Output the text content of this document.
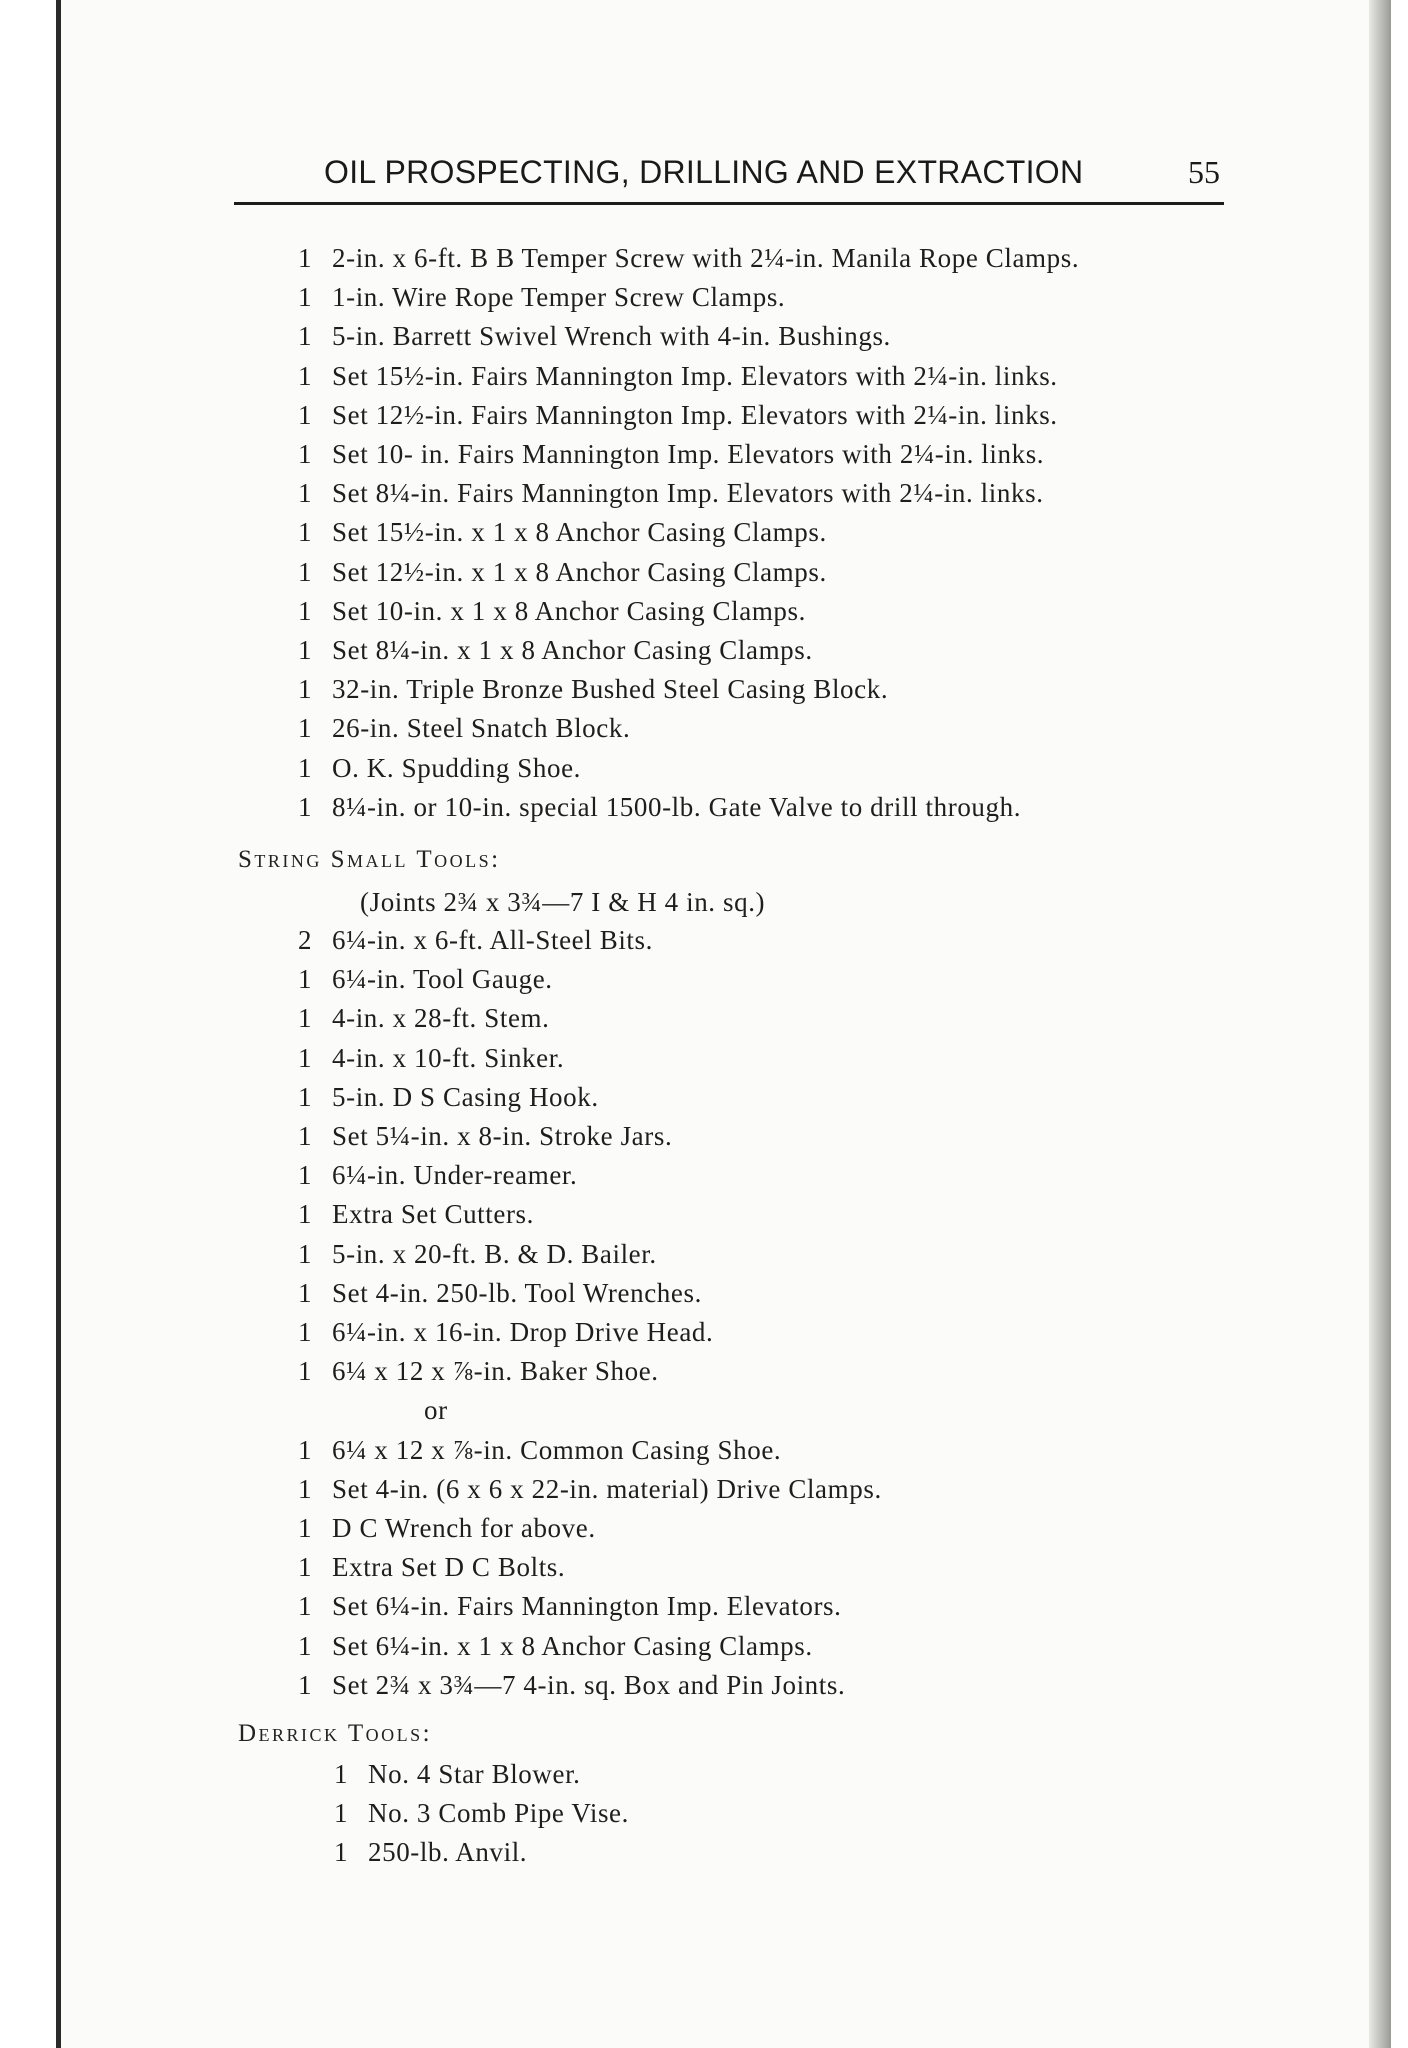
OIL PROSPECTING, DRILLING AND EXTRACTION	55
1 2-in. x 6-ft. B B Temper Screw with 2¼-in. Manila Rope Clamps.
1 1-in. Wire Rope Temper Screw Clamps.
1 5-in. Barrett Swivel Wrench with 4-in. Bushings.
1 Set 15½-in. Fairs Mannington Imp. Elevators with 2¼-in. links.
1 Set 12½-in. Fairs Mannington Imp. Elevators with 2¼-in. links.
1 Set 10- in. Fairs Mannington Imp. Elevators with 2¼-in. links.
1 Set 8¼-in. Fairs Mannington Imp. Elevators with 2¼-in. links.
1 Set 15½-in. x 1 x 8 Anchor Casing Clamps.
1 Set 12½-in. x 1 x 8 Anchor Casing Clamps.
1 Set 10-in. x 1 x 8 Anchor Casing Clamps.
1 Set 8¼-in. x 1 x 8 Anchor Casing Clamps.
1 32-in. Triple Bronze Bushed Steel Casing Block.
1 26-in. Steel Snatch Block.
1 O. K. Spudding Shoe.
1 8¼-in. or 10-in. special 1500-lb. Gate Valve to drill through.
String Small Tools:
(Joints 2¾ x 3¾—7 I & H 4 in. sq.)
2 6¼-in. x 6-ft. All-Steel Bits.
1 6¼-in. Tool Gauge.
1 4-in. x 28-ft. Stem.
1 4-in. x 10-ft. Sinker.
1 5-in. D S Casing Hook.
1 Set 5¼-in. x 8-in. Stroke Jars.
1 6¼-in. Under-reamer.
1 Extra Set Cutters.
1 5-in. x 20-ft. B. & D. Bailer.
1 Set 4-in. 250-lb. Tool Wrenches.
1 6¼-in. x 16-in. Drop Drive Head.
1 6¼ x 12 x ⅞-in. Baker Shoe.
or
1 6¼ x 12 x ⅞-in. Common Casing Shoe.
1 Set 4-in. (6 x 6 x 22-in. material) Drive Clamps.
1 D C Wrench for above.
1 Extra Set D C Bolts.
1 Set 6¼-in. Fairs Mannington Imp. Elevators.
1 Set 6¼-in. x 1 x 8 Anchor Casing Clamps.
1 Set 2¾ x 3¾—7 4-in. sq. Box and Pin Joints.
Derrick Tools:
1 No. 4 Star Blower.
1 No. 3 Comb Pipe Vise.
1 250-lb. Anvil.
